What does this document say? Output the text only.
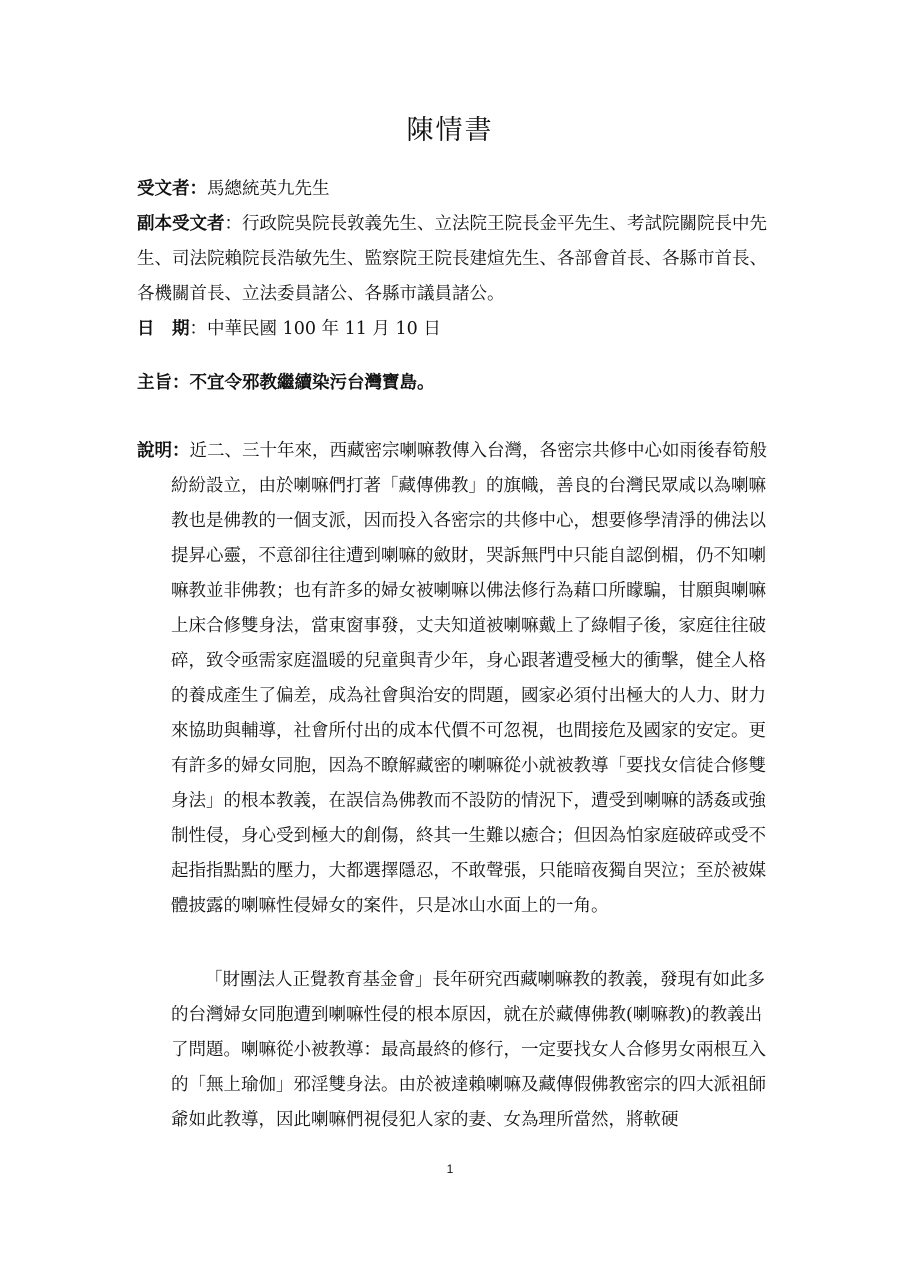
陳情書
受文者：馬總統英九先生
副本受文者：行政院吳院長敦義先生、立法院王院長金平先生、考試院關院長中先生、司法院賴院長浩敏先生、監察院王院長建煊先生、各部會首長、各縣市首長、各機關首長、立法委員諸公、各縣市議員諸公。
日　期：中華民國 100 年 11 月 10 日
主旨：不宜令邪教繼續染污台灣寶島。
說明：近二、三十年來，西藏密宗喇嘛教傳入台灣，各密宗共修中心如雨後春筍般紛紛設立，由於喇嘛們打著「藏傳佛教」的旗幟，善良的台灣民眾咸以為喇嘛教也是佛教的一個支派，因而投入各密宗的共修中心，想要修學清淨的佛法以提昇心靈，不意卻往往遭到喇嘛的斂財，哭訴無門中只能自認倒楣，仍不知喇嘛教並非佛教；也有許多的婦女被喇嘛以佛法修行為藉口所矇騙，甘願與喇嘛上床合修雙身法，當東窗事發，丈夫知道被喇嘛戴上了綠帽子後，家庭往往破碎，致令亟需家庭溫暖的兒童與青少年，身心跟著遭受極大的衝擊，健全人格的養成產生了偏差，成為社會與治安的問題，國家必須付出極大的人力、財力來協助與輔導，社會所付出的成本代價不可忽視，也間接危及國家的安定。更有許多的婦女同胞，因為不瞭解藏密的喇嘛從小就被教導「要找女信徒合修雙身法」的根本教義，在誤信為佛教而不設防的情況下，遭受到喇嘛的誘姦或強制性侵，身心受到極大的創傷，終其一生難以癒合；但因為怕家庭破碎或受不起指指點點的壓力，大都選擇隱忍，不敢聲張，只能暗夜獨自哭泣；至於被媒體披露的喇嘛性侵婦女的案件，只是冰山水面上的一角。
「財團法人正覺教育基金會」長年研究西藏喇嘛教的教義，發現有如此多的台灣婦女同胞遭到喇嘛性侵的根本原因，就在於藏傳佛教(喇嘛教)的教義出了問題。喇嘛從小被教導：最高最終的修行，一定要找女人合修男女兩根互入的「無上瑜伽」邪淫雙身法。由於被達賴喇嘛及藏傳假佛教密宗的四大派祖師爺如此教導，因此喇嘛們視侵犯人家的妻、女為理所當然，將軟硬
1
